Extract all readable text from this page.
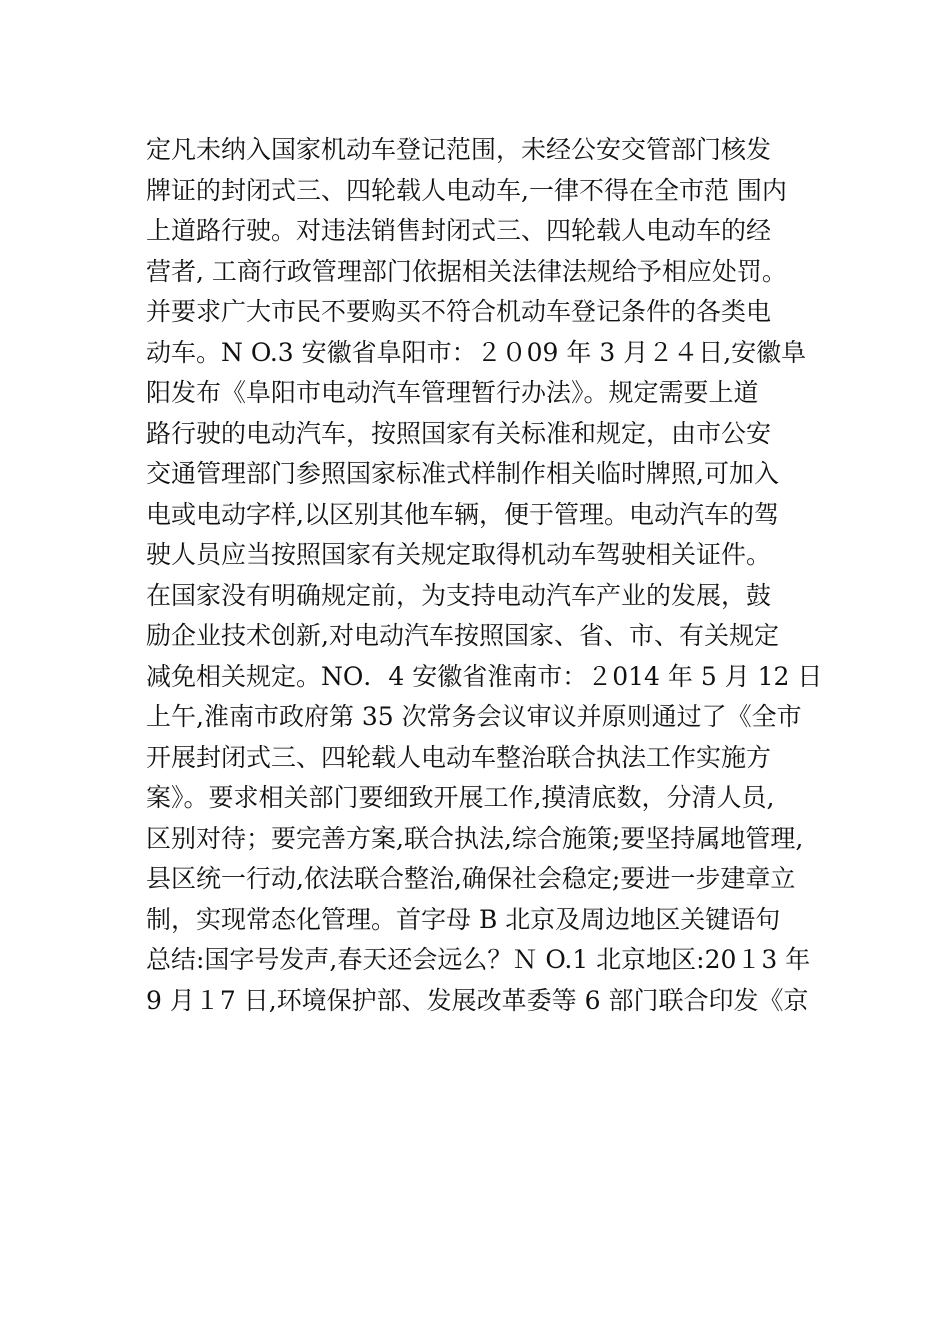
定凡未纳入国家机动车登记范围，未经公安交管部门核发

牌证的封闭式三、四轮载人电动车,一律不得在全市范 围内

上道路行驶。对违法销售封闭式三、四轮载人电动车的经

营者, 工商行政管理部门依据相关法律法规给予相应处罚。

并要求广大市民不要购买不符合机动车登记条件的各类电

动车。N O.3 安徽省阜阳市：２０09 年 3 月２４日,安徽阜

阳发布《阜阳市电动汽车管理暂行办法》。规定需要上道

路行驶的电动汽车，按照国家有关标准和规定，由市公安

交通管理部门参照国家标准式样制作相关临时牌照,可加入

电或电动字样,以区别其他车辆，便于管理。电动汽车的驾

驶人员应当按照国家有关规定取得机动车驾驶相关证件。

在国家没有明确规定前，为支持电动汽车产业的发展，鼓

励企业技术创新,对电动汽车按照国家、省、市、有关规定

减免相关规定。NO．4 安徽省淮南市：２014 年 5 月 12 日

上午,淮南市政府第 35 次常务会议审议并原则通过了《全市

开展封闭式三、四轮载人电动车整治联合执法工作实施方

案》。要求相关部门要细致开展工作,摸清底数，分清人员,

区别对待；要完善方案,联合执法,综合施策;要坚持属地管理,

县区统一行动,依法联合整治,确保社会稳定;要进一步建章立

制，实现常态化管理。首字母 B 北京及周边地区关键语句

总结:国字号发声,春天还会远么？Ｎ O.1 北京地区:20１3 年

9 月１7 日,环境保护部、发展改革委等 6 部门联合印发《京
